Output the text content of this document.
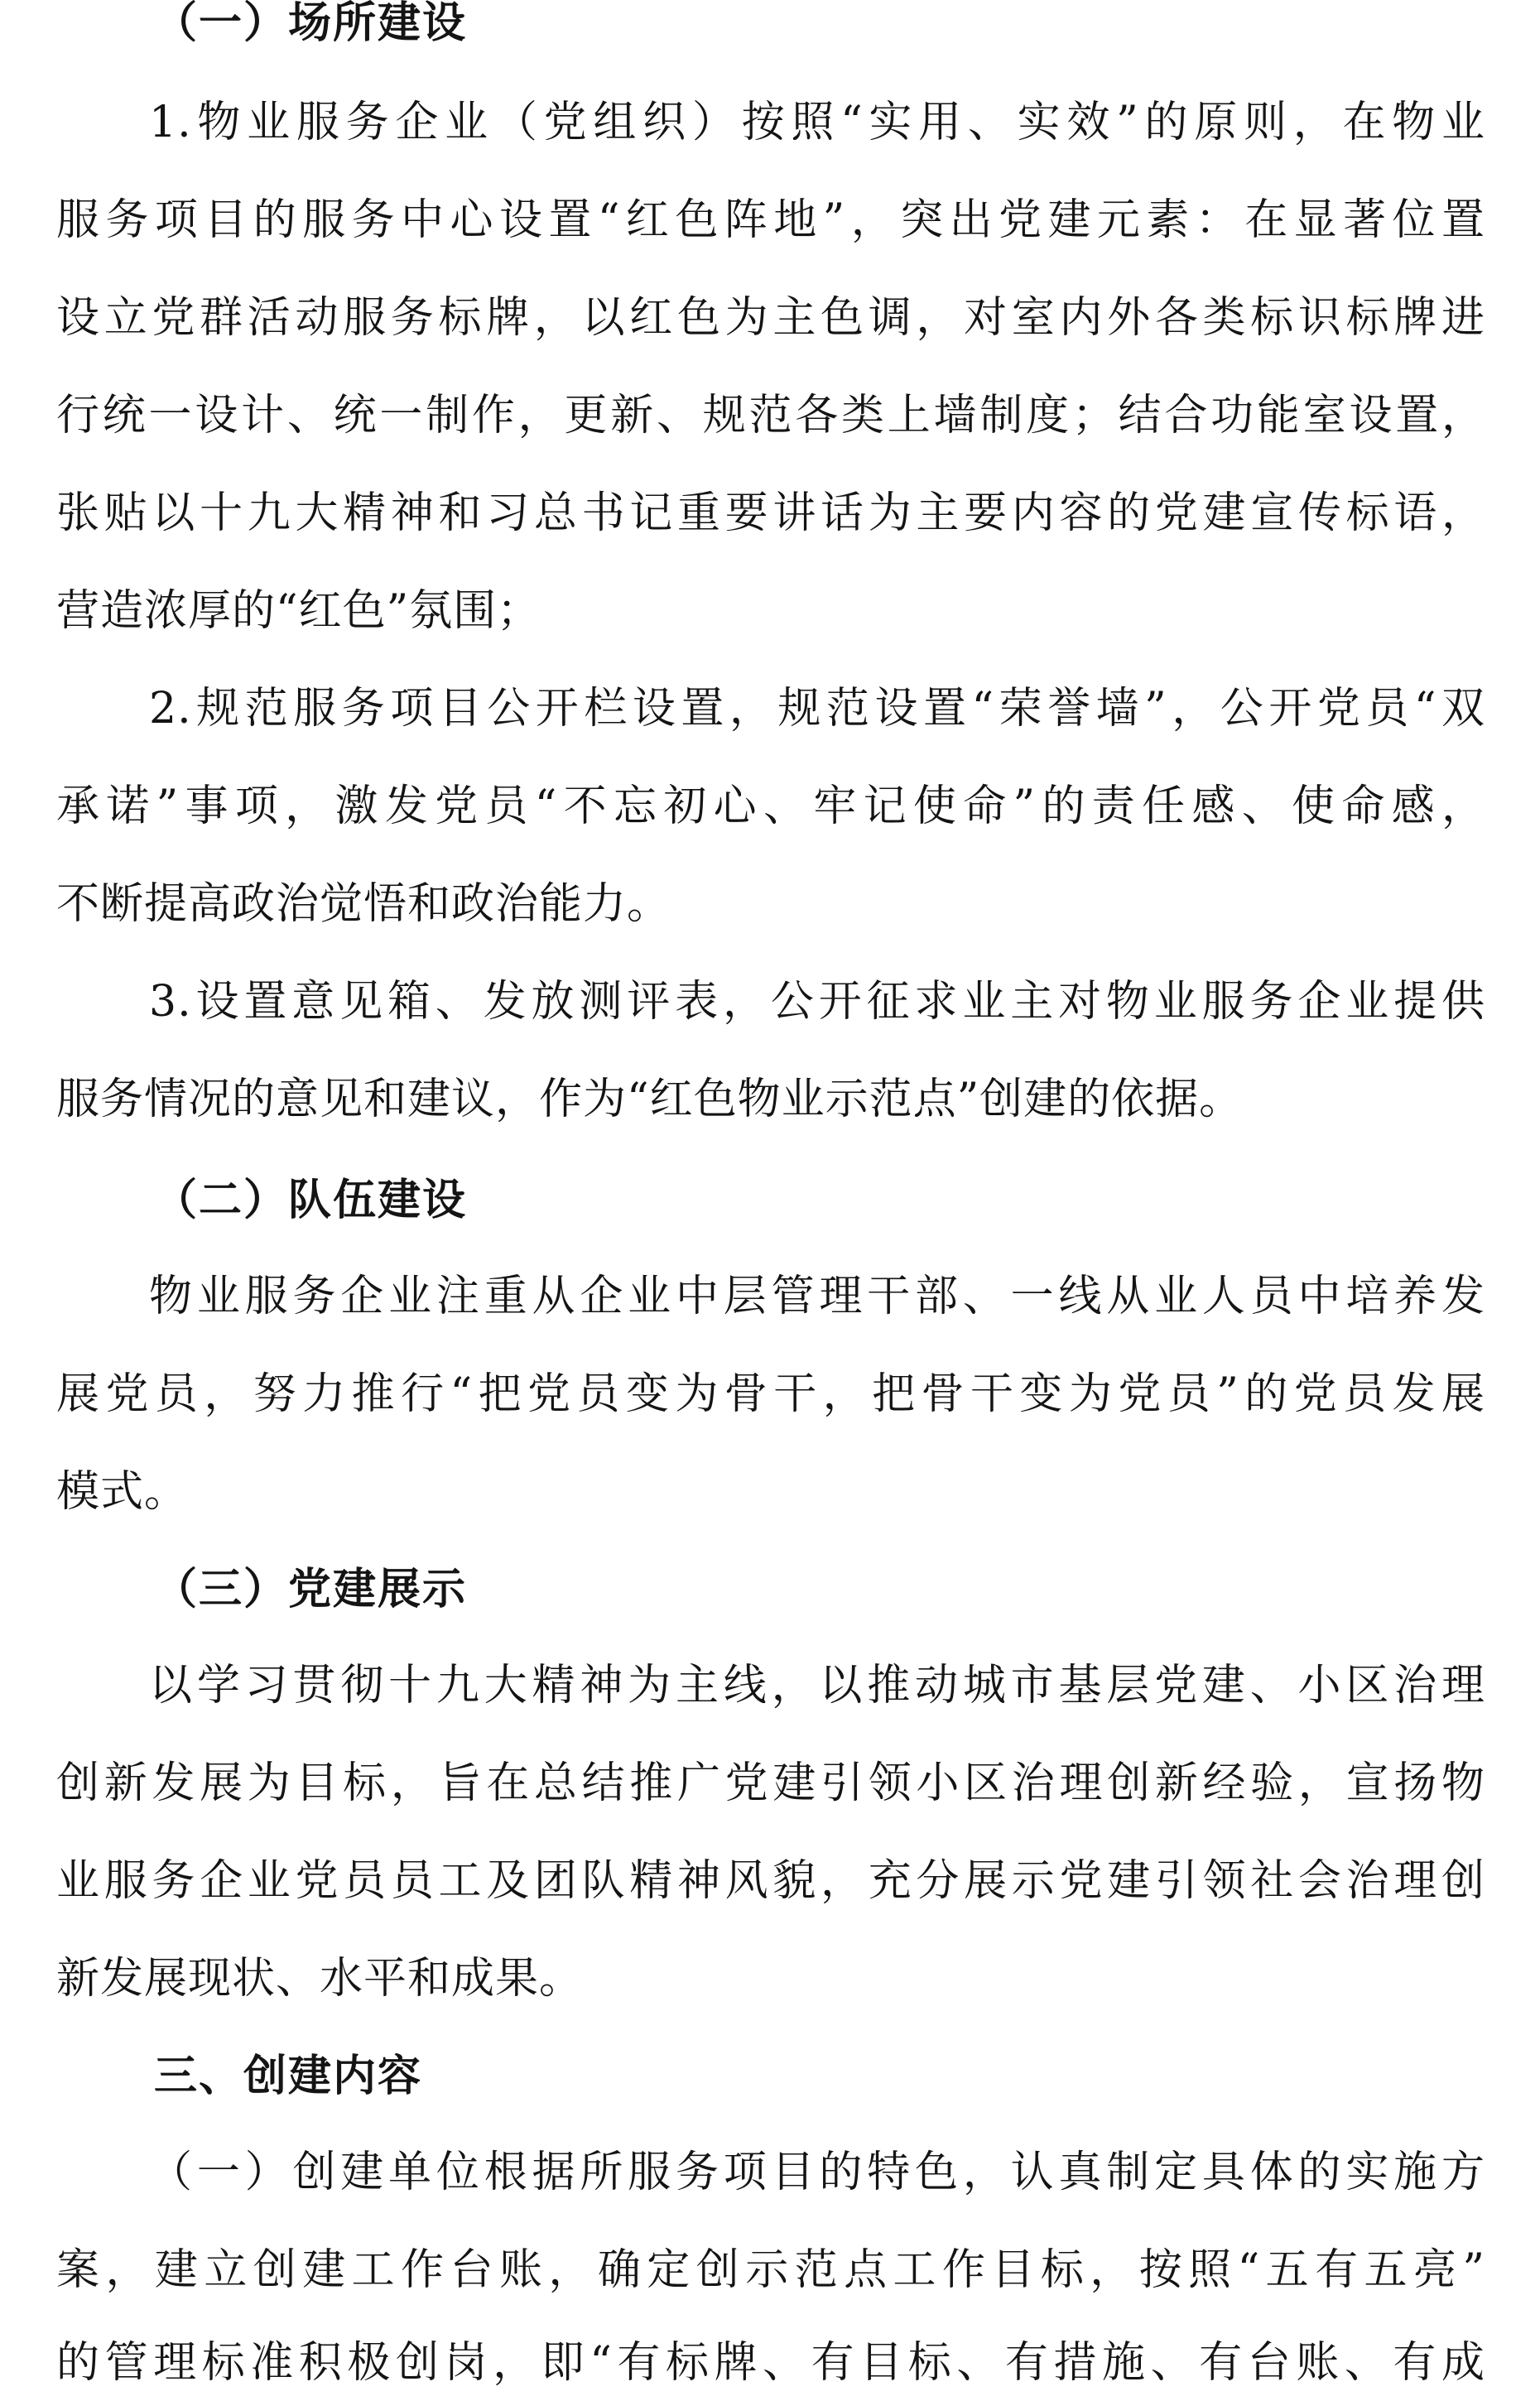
（一）场所建设
1.物业服务企业（党组织）按照“实用、实效”的原则，在物业
服务项目的服务中心设置“红色阵地”，突出党建元素：在显著位置
设立党群活动服务标牌，以红色为主色调，对室内外各类标识标牌进
行统一设计、统一制作，更新、规范各类上墙制度；结合功能室设置，
张贴以十九大精神和习总书记重要讲话为主要内容的党建宣传标语，
营造浓厚的“红色”氛围；
2.规范服务项目公开栏设置，规范设置“荣誉墙”，公开党员“双
承诺”事项，激发党员“不忘初心、牢记使命”的责任感、使命感，
不断提高政治觉悟和政治能力。
3.设置意见箱、发放测评表，公开征求业主对物业服务企业提供
服务情况的意见和建议，作为“红色物业示范点”创建的依据。
（二）队伍建设
物业服务企业注重从企业中层管理干部、一线从业人员中培养发
展党员，努力推行“把党员变为骨干，把骨干变为党员”的党员发展
模式。
（三）党建展示
以学习贯彻十九大精神为主线，以推动城市基层党建、小区治理
创新发展为目标，旨在总结推广党建引领小区治理创新经验，宣扬物
业服务企业党员员工及团队精神风貌，充分展示党建引领社会治理创
新发展现状、水平和成果。
三、创建内容
（一）创建单位根据所服务项目的特色，认真制定具体的实施方
案，建立创建工作台账，确定创示范点工作目标，按照“五有五亮”
的管理标准积极创岗，即“有标牌、有目标、有措施、有台账、有成
